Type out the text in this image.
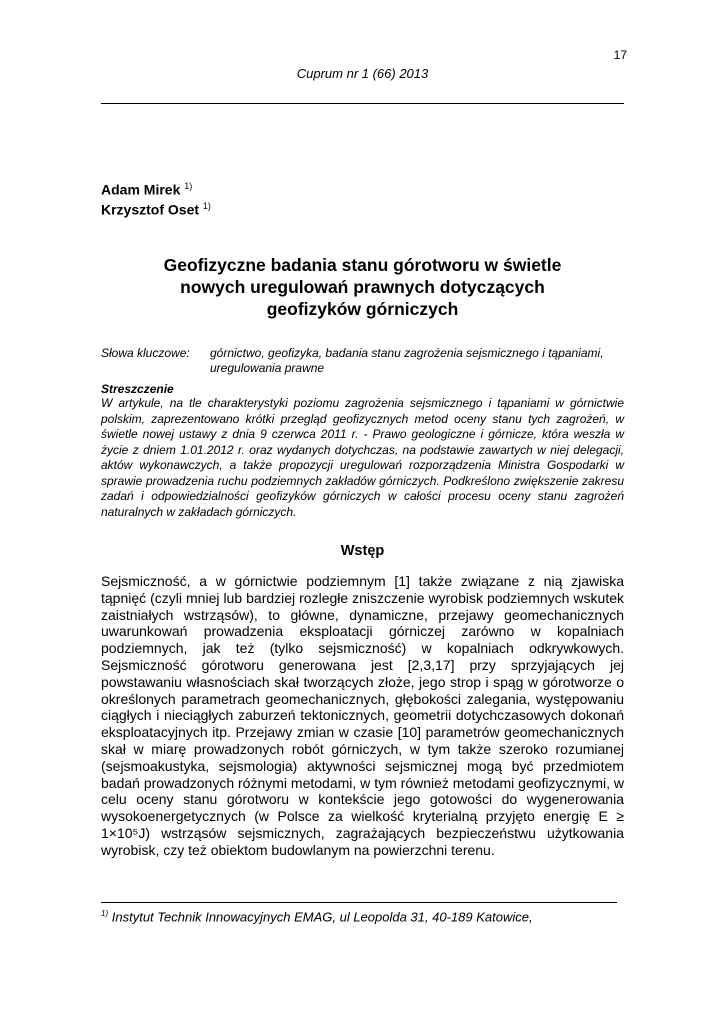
17
Cuprum nr 1 (66) 2013
Adam Mirek $^{1)}$
Krzysztof Oset $^{1)}$
Geofizyczne badania stanu górotworu w świetle
nowych uregulowań prawnych dotyczących
geofizyków górniczych
Słowa kluczowe: górnictwo, geofizyka, badania stanu zagrożenia sejsmicznego i tąpaniami, uregulowania prawne
Streszczenie
W artykule, na tle charakterystyki poziomu zagrożenia sejsmicznego i tąpaniami w górnictwie polskim, zaprezentowano krótki przegląd geofizycznych metod oceny stanu tych zagrożeń, w świetle nowej ustawy z dnia 9 czerwca 2011 r. - Prawo geologiczne i górnicze, która weszła w życie z dniem 1.01.2012 r. oraz wydanych dotychczas, na podstawie zawartych w niej delegacji, aktów wykonawczych, a także propozycji uregulowań rozporządzenia Ministra Gospodarki w sprawie prowadzenia ruchu podziemnych zakładów górniczych. Podkreślono zwiększenie zakresu zadań i odpowiedzialności geofizyków górniczych w całości procesu oceny stanu zagrożeń naturalnych w zakładach górniczych.
Wstęp
Sejsmiczność, a w górnictwie podziemnym [1] także związane z nią zjawiska tąpnięć (czyli mniej lub bardziej rozległe zniszczenie wyrobisk podziemnych wskutek zaistniałych wstrząsów), to główne, dynamiczne, przejawy geomechanicznych uwarunkowań prowadzenia eksploatacji górniczej zarówno w kopalniach podziemnych, jak też (tylko sejsmiczność) w kopalniach odkrywkowych. Sejsmiczność górotworu generowana jest [2,3,17] przy sprzyjających jej powstawaniu własnościach skał tworzących złoże, jego strop i spąg w górotworze o określonych parametrach geomechanicznych, głębokości zalegania, występowaniu ciągłych i nieciągłych zaburzeń tektonicznych, geometrii dotychczasowych dokonań eksploatacyjnych itp. Przejawy zmian w czasie [10] parametrów geomechanicznych skał w miarę prowadzonych robót górniczych, w tym także szeroko rozumianej (sejsmoakustyka, sejsmologia) aktywności sejsmicznej mogą być przedmiotem badań prowadzonych różnymi metodami, w tym również metodami geofizycznymi, w celu oceny stanu górotworu w kontekście jego gotowości do wygenerowania wysokoenergetycznych (w Polsce za wielkość kryterialną przyjęto energię E ≥ 1×10⁵J) wstrząsów sejsmicznych, zagrażających bezpieczeństwu użytkowania wyrobisk, czy też obiektom budowlanym na powierzchni terenu.
$^{1)}$ Instytut Technik Innowacyjnych EMAG, ul Leopolda 31, 40-189 Katowice,
